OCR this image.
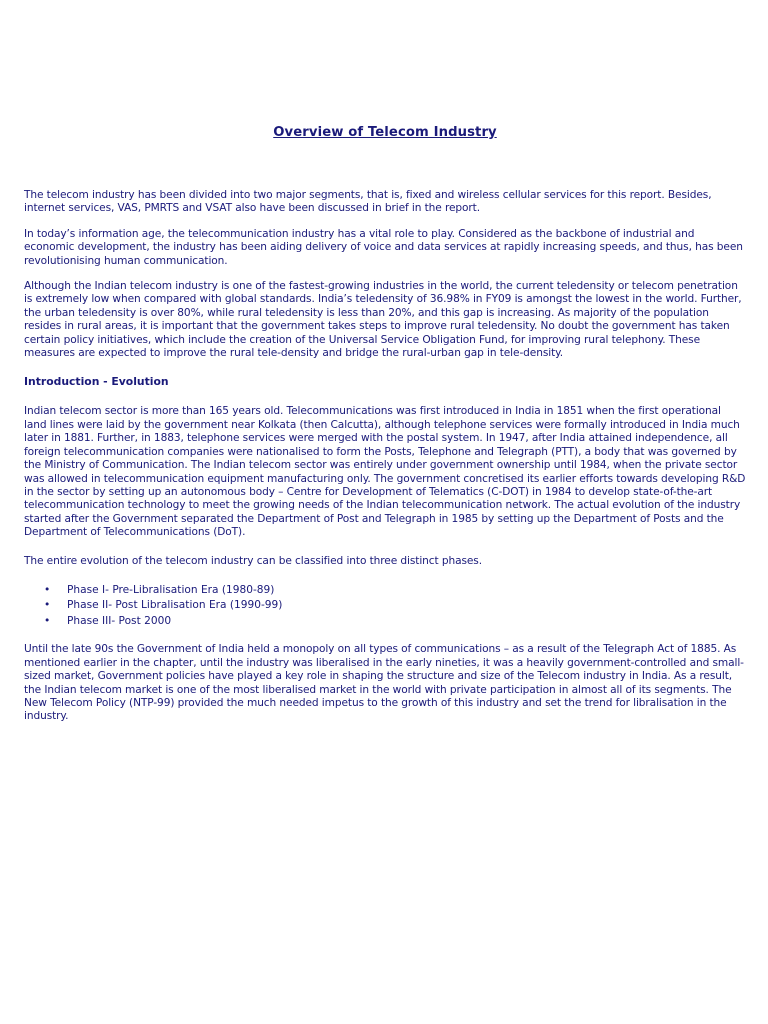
Overview of Telecom Industry

The telecom industry has been divided into two major segments, that is, fixed and wireless cellular services for this report. Besides, internet services, VAS, PMRTS and VSAT also have been discussed in brief in the report.

In today’s information age, the telecommunication industry has a vital role to play. Considered as the backbone of industrial and economic development, the industry has been aiding delivery of voice and data services at rapidly increasing speeds, and thus, has been revolutionising human communication.

Although the Indian telecom industry is one of the fastest-growing industries in the world, the current teledensity or telecom penetration is extremely low when compared with global standards. India’s teledensity of 36.98% in FY09 is amongst the lowest in the world. Further, the urban teledensity is over 80%, while rural teledensity is less than 20%, and this gap is increasing. As majority of the population resides in rural areas, it is important that the government takes steps to improve rural teledensity. No doubt the government has taken certain policy initiatives, which include the creation of the Universal Service Obligation Fund, for improving rural telephony. These measures are expected to improve the rural tele-density and bridge the rural-urban gap in tele-density.

Introduction - Evolution

Indian telecom sector is more than 165 years old. Telecommunications was first introduced in India in 1851 when the first operational land lines were laid by the government near Kolkata (then Calcutta), although telephone services were formally introduced in India much later in 1881. Further, in 1883, telephone services were merged with the postal system. In 1947, after India attained independence, all foreign telecommunication companies were nationalised to form the Posts, Telephone and Telegraph (PTT), a body that was governed by the Ministry of Communication. The Indian telecom sector was entirely under government ownership until 1984, when the private sector was allowed in telecommunication equipment manufacturing only. The government concretised its earlier efforts towards developing R&D in the sector by setting up an autonomous body – Centre for Development of Telematics (C-DOT) in 1984 to develop state-of-the-art telecommunication technology to meet the growing needs of the Indian telecommunication network. The actual evolution of the industry started after the Government separated the Department of Post and Telegraph in 1985 by setting up the Department of Posts and the Department of Telecommunications (DoT).

The entire evolution of the telecom industry can be classified into three distinct phases.

• Phase I- Pre-Libralisation Era (1980-89)
• Phase II- Post Libralisation Era (1990-99)
• Phase III- Post 2000

Until the late 90s the Government of India held a monopoly on all types of communications – as a result of the Telegraph Act of 1885. As mentioned earlier in the chapter, until the industry was liberalised in the early nineties, it was a heavily government-controlled and small-sized market, Government policies have played a key role in shaping the structure and size of the Telecom industry in India. As a result, the Indian telecom market is one of the most liberalised market in the world with private participation in almost all of its segments. The New Telecom Policy (NTP-99) provided the much needed impetus to the growth of this industry and set the trend for libralisation in the industry.
